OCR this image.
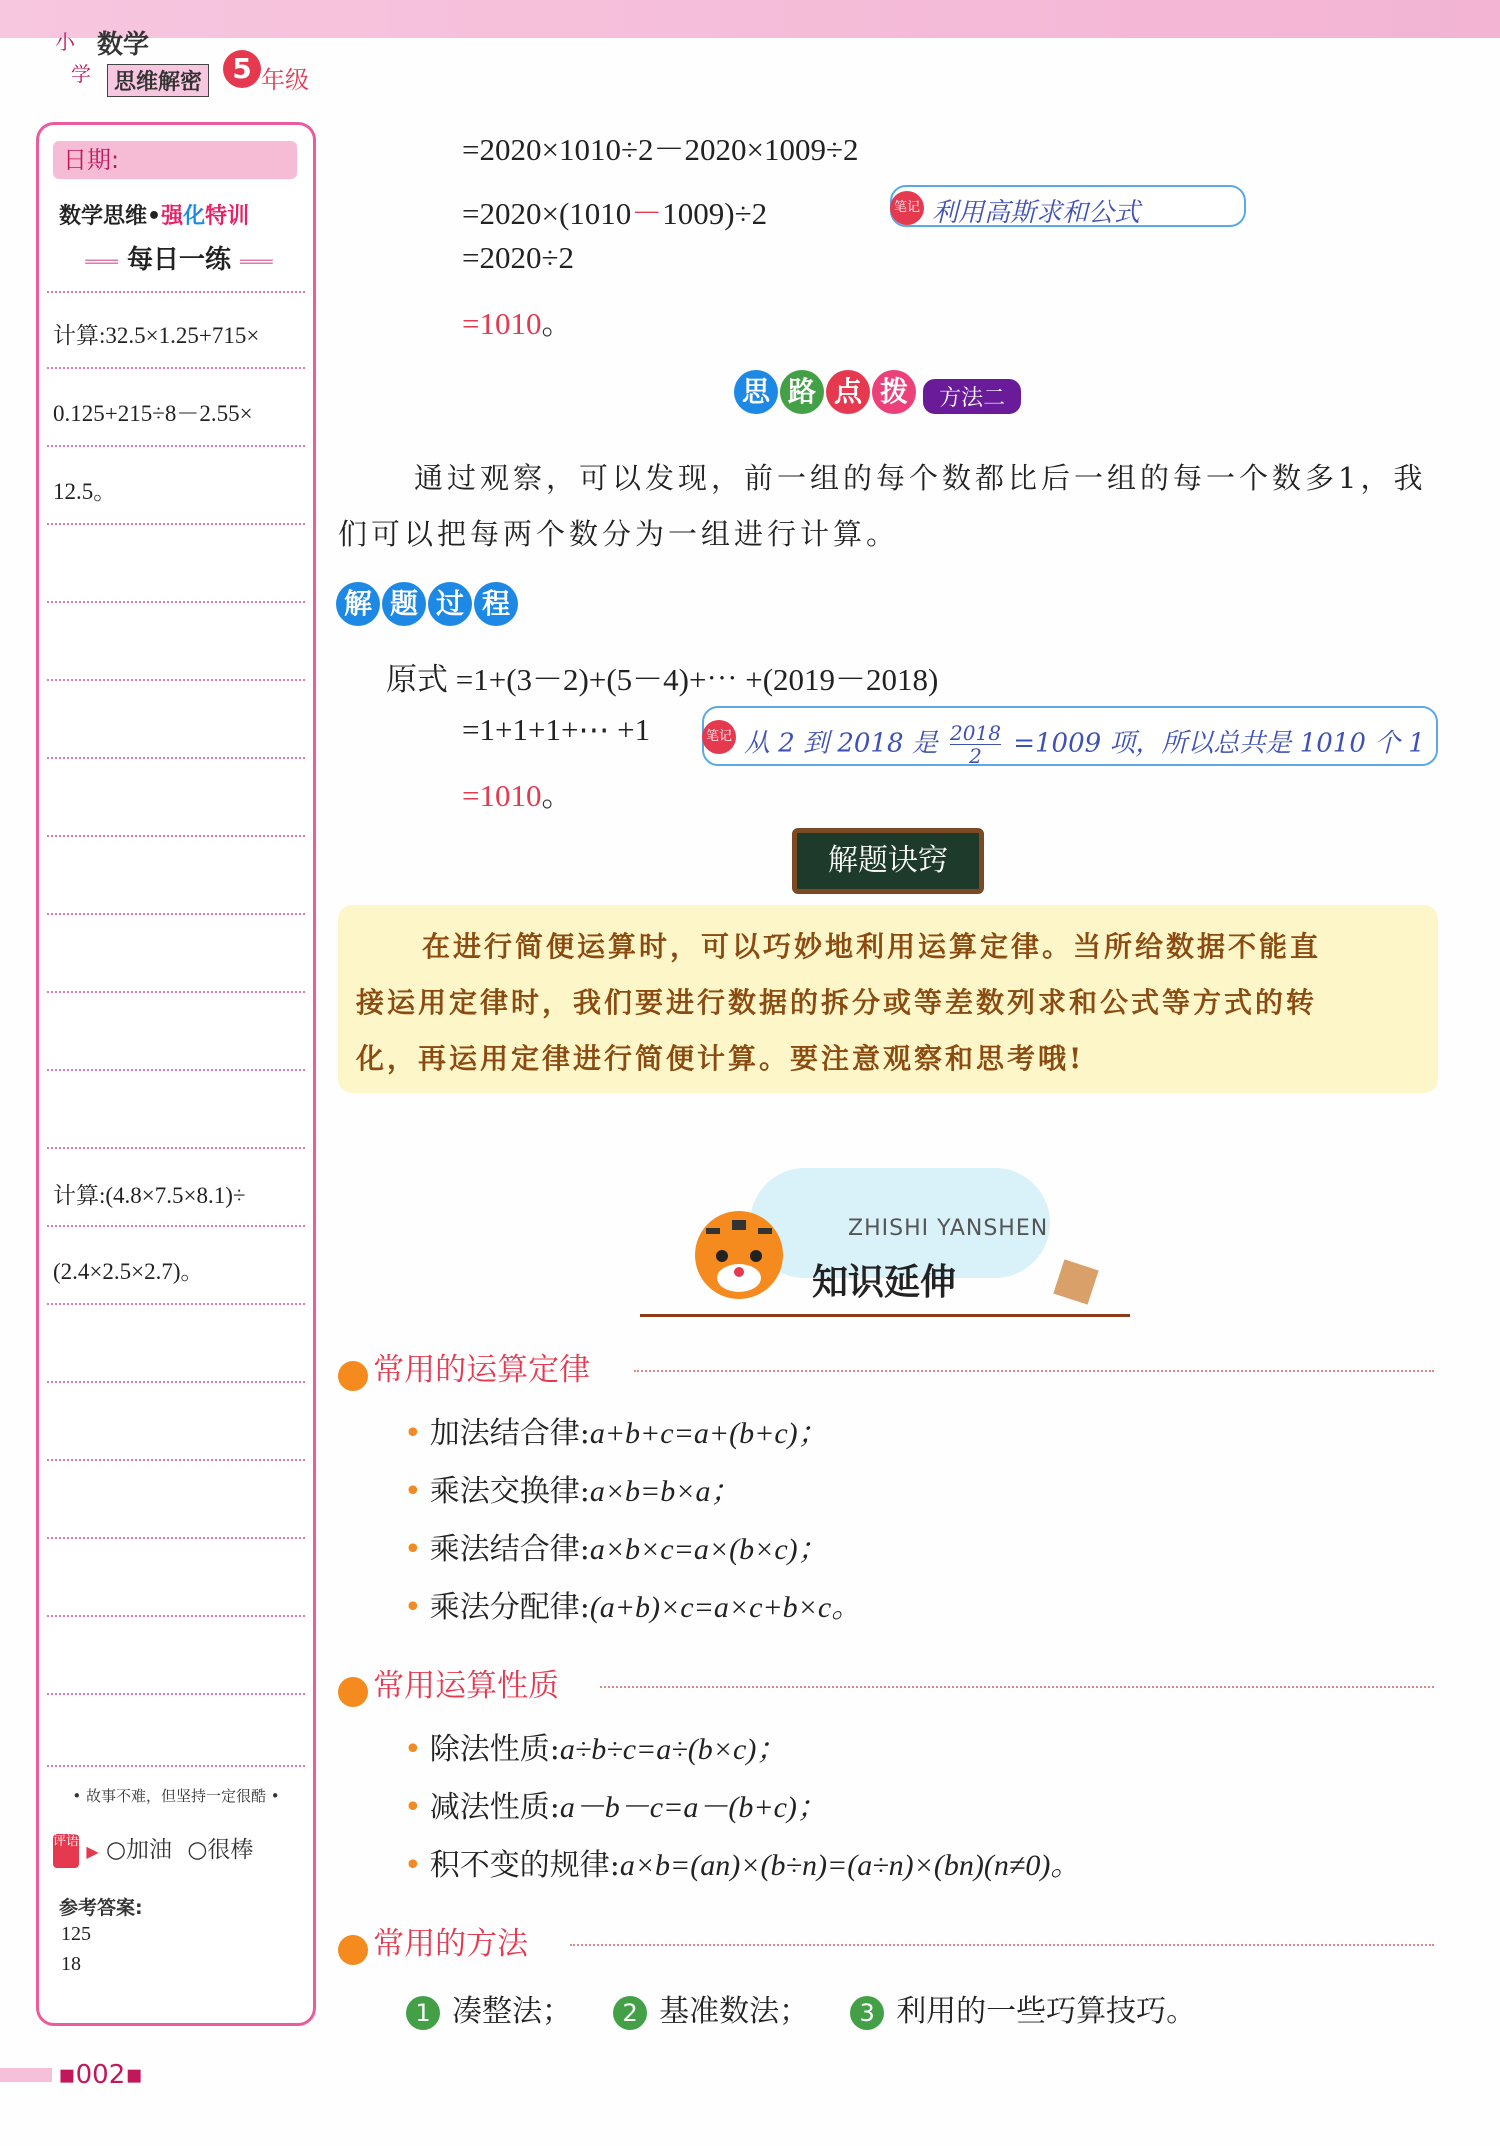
小
学
数学
思维解密	5 年级
日期:
数学思维•强化特训
═══ 每日一练 ═══
计算:32.5×1.25+715×
0.125+215÷8－2.55×
12.5。
计算:(4.8×7.5×8.1)÷
(2.4×2.5×2.7)。
• 故事不难，但坚持一定很酷 •
评语 ▶ ○加油 ○很棒
参考答案:
125
18
▪002▪
=2020×1010÷2－2020×1009÷2
=2020×(1010－1009)÷2	笔记 利用高斯求和公式
=2020÷2
=1010。
思 路 点 拨 方法二
通过观察，可以发现，前一组的每个数都比后一组的每一个数多1，我
们可以把每两个数分为一组进行计算。
解 题 过 程
原式 =1+(3－2)+(5－4)+⋯ +(2019－2018)
=1+1+1+⋯ +1	笔记 从 2 到 2018 是 $\frac{2018}{2} =1009$ 项，所以总共是 1010 个 1
=1010。
解题诀窍
在进行简便运算时，可以巧妙地利用运算定律。当所给数据不能直
接运用定律时，我们要进行数据的拆分或等差数列求和公式等方式的转
化，再运用定律进行简便计算。要注意观察和思考哦!
ZHISHI YANSHEN
知识延伸
常用的运算定律
• 加法结合律:a+b+c=a+(b+c)；
• 乘法交换律:a×b=b×a；
• 乘法结合律:a×b×c=a×(b×c)；
• 乘法分配律:(a+b)×c=a×c+b×c。
常用运算性质
• 除法性质:a÷b÷c=a÷(b×c)；
• 减法性质:a－b－c=a－(b+c)；
• 积不变的规律:a×b=(an)×(b÷n)=(a÷n)×(bn)(n≠0)。
常用的方法
1 凑整法； 2 基准数法； 3 利用的一些巧算技巧。
